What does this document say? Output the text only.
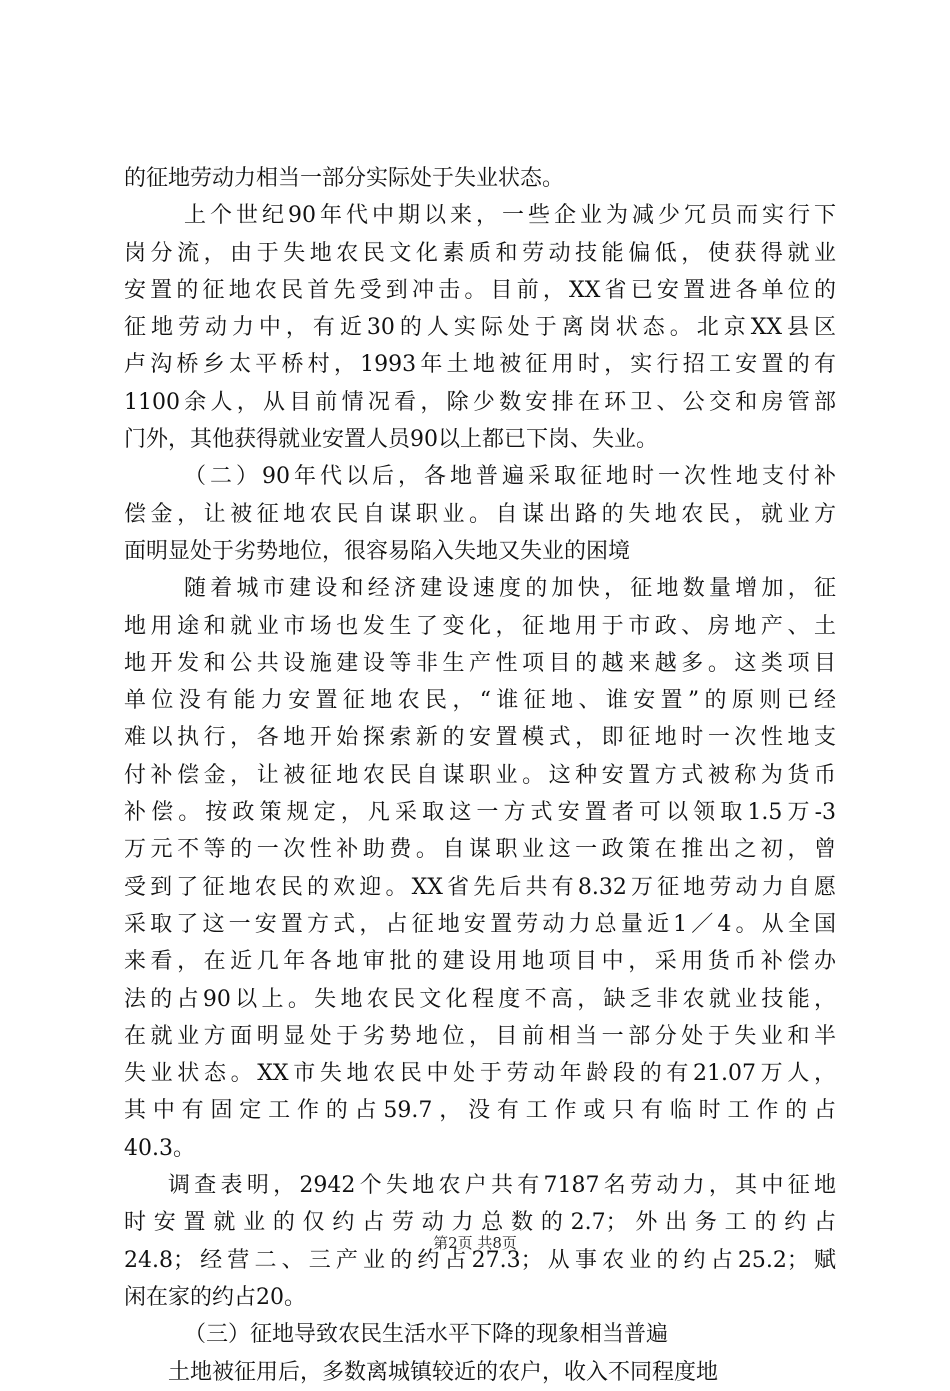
的征地劳动力相当一部分实际处于失业状态。
上个世纪90年代中期以来，一些企业为减少冗员而实行下
岗分流，由于失地农民文化素质和劳动技能偏低，使获得就业
安置的征地农民首先受到冲击。目前，XX省已安置进各单位的
征地劳动力中，有近30的人实际处于离岗状态。北京XX县区
卢沟桥乡太平桥村，1993年土地被征用时，实行招工安置的有
1100余人，从目前情况看，除少数安排在环卫、公交和房管部
门外，其他获得就业安置人员90以上都已下岗、失业。
（二）90年代以后，各地普遍采取征地时一次性地支付补
偿金，让被征地农民自谋职业。自谋出路的失地农民，就业方
面明显处于劣势地位，很容易陷入失地又失业的困境
随着城市建设和经济建设速度的加快，征地数量增加，征
地用途和就业市场也发生了变化，征地用于市政、房地产、土
地开发和公共设施建设等非生产性项目的越来越多。这类项目
单位没有能力安置征地农民，“谁征地、谁安置”的原则已经
难以执行，各地开始探索新的安置模式，即征地时一次性地支
付补偿金，让被征地农民自谋职业。这种安置方式被称为货币
补偿。按政策规定，凡采取这一方式安置者可以领取1.5万-3
万元不等的一次性补助费。自谋职业这一政策在推出之初，曾
受到了征地农民的欢迎。XX省先后共有8.32万征地劳动力自愿
采取了这一安置方式，占征地安置劳动力总量近1／4。从全国
来看，在近几年各地审批的建设用地项目中，采用货币补偿办
法的占90以上。失地农民文化程度不高，缺乏非农就业技能，
在就业方面明显处于劣势地位，目前相当一部分处于失业和半
失业状态。XX市失地农民中处于劳动年龄段的有21.07万人，
其中有固定工作的占59.7，没有工作或只有临时工作的占
40.3。
调查表明，2942个失地农户共有7187名劳动力，其中征地
时安置就业的仅约占劳动力总数的2.7；外出务工的约占
24.8；经营二、三产业的约占27.3；从事农业的约占25.2；赋
闲在家的约占20。
（三）征地导致农民生活水平下降的现象相当普遍
土地被征用后，多数离城镇较近的农户，收入不同程度地
第2页 共8页
